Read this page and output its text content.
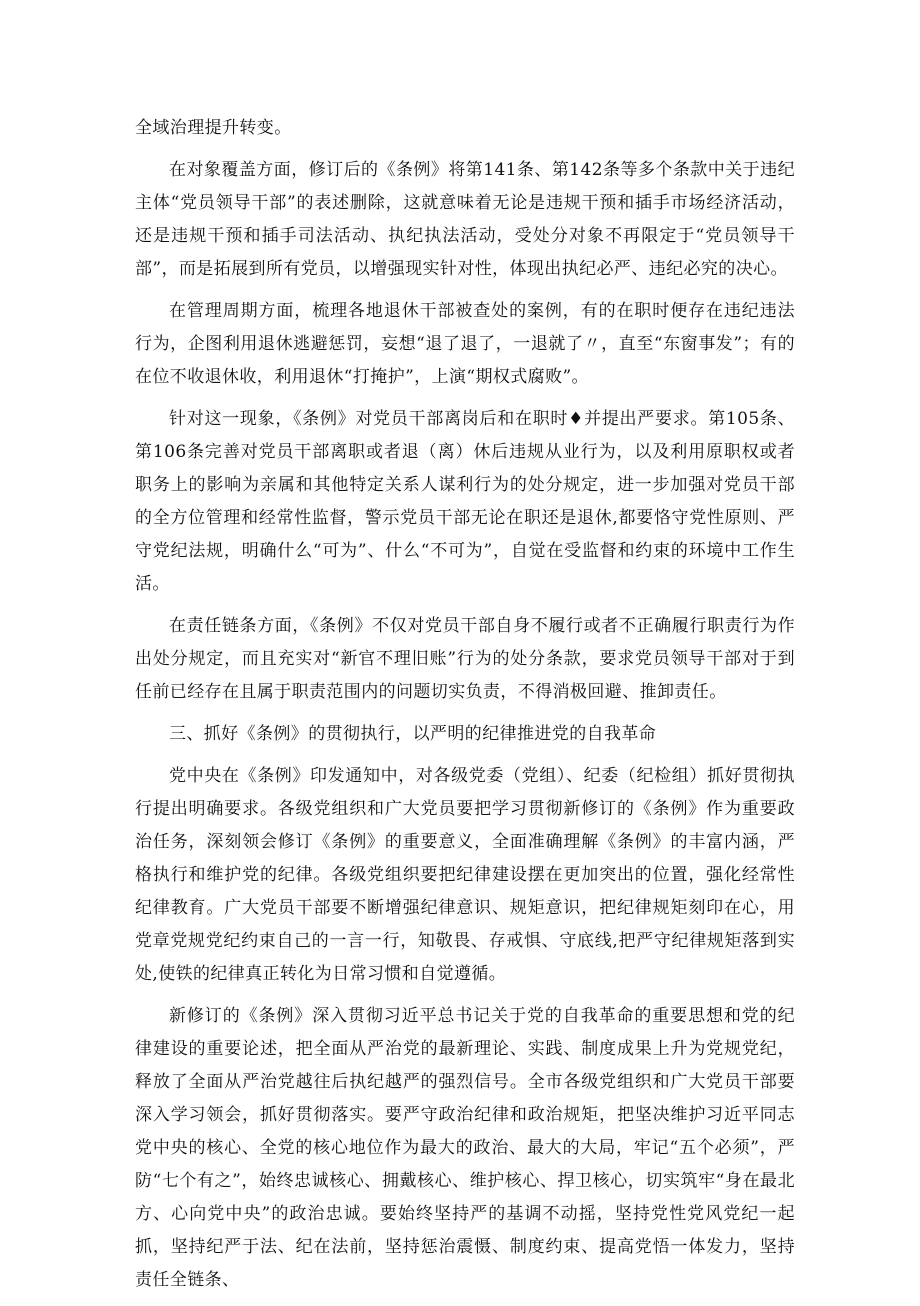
全域治理提升转变。

在对象覆盖方面，修订后的《条例》将第141条、第142条等多个条款中关于违纪主体“党员领导干部”的表述删除，这就意味着无论是违规干预和插手市场经济活动，还是违规干预和插手司法活动、执纪执法活动，受处分对象不再限定于“党员领导干部”，而是拓展到所有党员，以增强现实针对性，体现出执纪必严、违纪必究的决心。

在管理周期方面，梳理各地退休干部被查处的案例，有的在职时便存在违纪违法行为，企图利用退休逃避惩罚，妄想“退了退了，一退就了〃，直至“东窗事发”；有的在位不收退休收，利用退休“打掩护”，上演“期权式腐败”。

针对这一现象，《条例》对党员干部离岗后和在职时♦并提出严要求。第105条、第106条完善对党员干部离职或者退（离）休后违规从业行为，以及利用原职权或者职务上的影响为亲属和其他特定关系人谋利行为的处分规定，进一步加强对党员干部的全方位管理和经常性监督，警示党员干部无论在职还是退休,都要恪守党性原则、严守党纪法规，明确什么“可为”、什么“不可为”，自觉在受监督和约束的环境中工作生活。

在责任链条方面，《条例》不仅对党员干部自身不履行或者不正确履行职责行为作出处分规定，而且充实对“新官不理旧账”行为的处分条款，要求党员领导干部对于到任前已经存在且属于职责范围内的问题切实负责，不得消极回避、推卸责任。

三、抓好《条例》的贯彻执行，以严明的纪律推进党的自我革命

党中央在《条例》印发通知中，对各级党委（党组）、纪委（纪检组）抓好贯彻执行提出明确要求。各级党组织和广大党员要把学习贯彻新修订的《条例》作为重要政治任务，深刻领会修订《条例》的重要意义，全面准确理解《条例》的丰富内涵，严格执行和维护党的纪律。各级党组织要把纪律建设摆在更加突出的位置，强化经常性纪律教育。广大党员干部要不断增强纪律意识、规矩意识，把纪律规矩刻印在心，用党章党规党纪约束自己的一言一行，知敬畏、存戒惧、守底线,把严守纪律规矩落到实处,使铁的纪律真正转化为日常习惯和自觉遵循。

新修订的《条例》深入贯彻习近平总书记关于党的自我革命的重要思想和党的纪律建设的重要论述，把全面从严治党的最新理论、实践、制度成果上升为党规党纪，释放了全面从严治党越往后执纪越严的强烈信号。全市各级党组织和广大党员干部要深入学习领会，抓好贯彻落实。要严守政治纪律和政治规矩，把坚决维护习近平同志党中央的核心、全党的核心地位作为最大的政治、最大的大局，牢记“五个必须”，严防“七个有之”，始终忠诚核心、拥戴核心、维护核心、捍卫核心，切实筑牢“身在最北方、心向党中央”的政治忠诚。要始终坚持严的基调不动摇，坚持党性党风党纪一起抓，坚持纪严于法、纪在法前，坚持惩治震慑、制度约束、提高党悟一体发力，坚持责任全链条、
